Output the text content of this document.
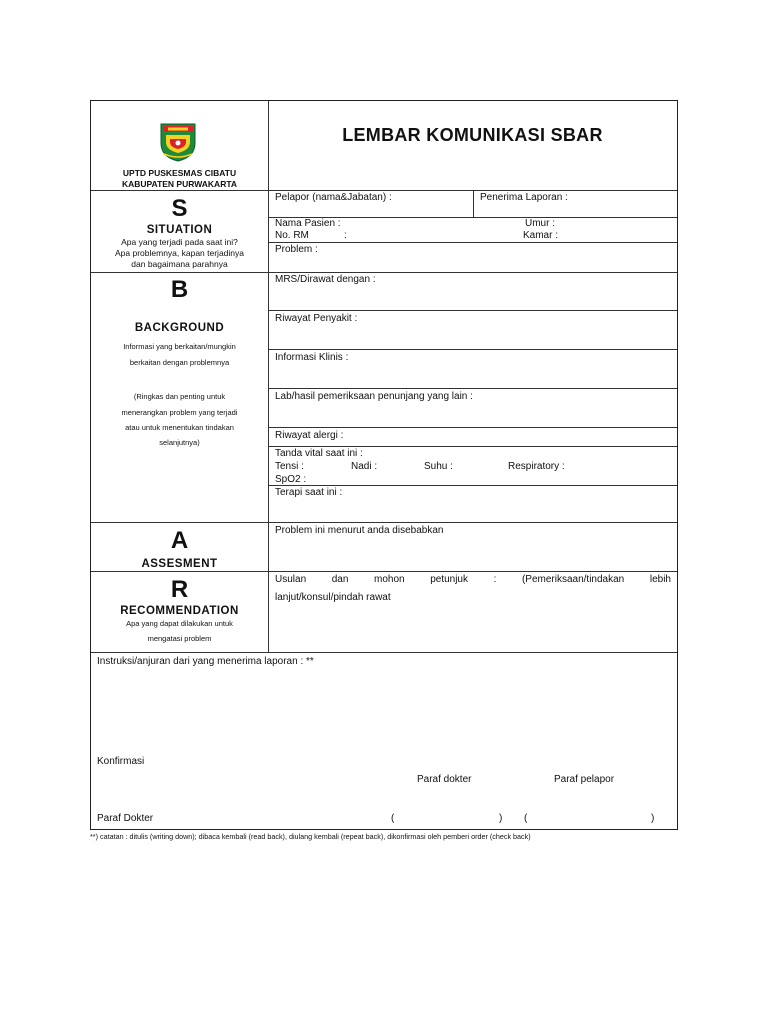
UPTD PUSKESMAS CIBATU
KABUPATEN PURWAKARTA
LEMBAR KOMUNIKASI SBAR
S
SITUATION
Apa yang terjadi pada saat ini?
Apa problemnya, kapan terjadinya
dan bagaimana parahnya
Pelapor (nama&Jabatan) :	Penerima Laporan :
Nama Pasien :	Umur :
No. RM	:	Kamar :
Problem :
B
BACKGROUND
Informasi yang berkaitan/mungkin
berkaitan dengan problemnya
(Ringkas dan penting untuk
menerangkan problem yang terjadi
atau untuk menentukan tindakan
selanjutnya)
MRS/Dirawat dengan :
Riwayat Penyakit :
Informasi Klinis :
Lab/hasil pemeriksaan penunjang yang lain :
Riwayat alergi :
Tanda vital saat ini :
Tensi :	Nadi :	Suhu :	Respiratory :
SpO2 :
Terapi saat ini :
A
ASSESMENT
Problem ini menurut anda disebabkan
R
RECOMMENDATION
Apa yang dapat dilakukan untuk
mengatasi problem
Usulan	dan	mohon	petunjuk	:	(Pemeriksaan/tindakan	lebih
lanjut/konsul/pindah rawat
Instruksi/anjuran dari yang menerima laporan : **
Konfirmasi
Paraf dokter	Paraf pelapor
Paraf Dokter	(	) (	)
**) catatan : ditulis (writing down); dibaca kembali (read back), diulang kembali (repeat back), dikonfirmasi oleh pemberi order (check back)
